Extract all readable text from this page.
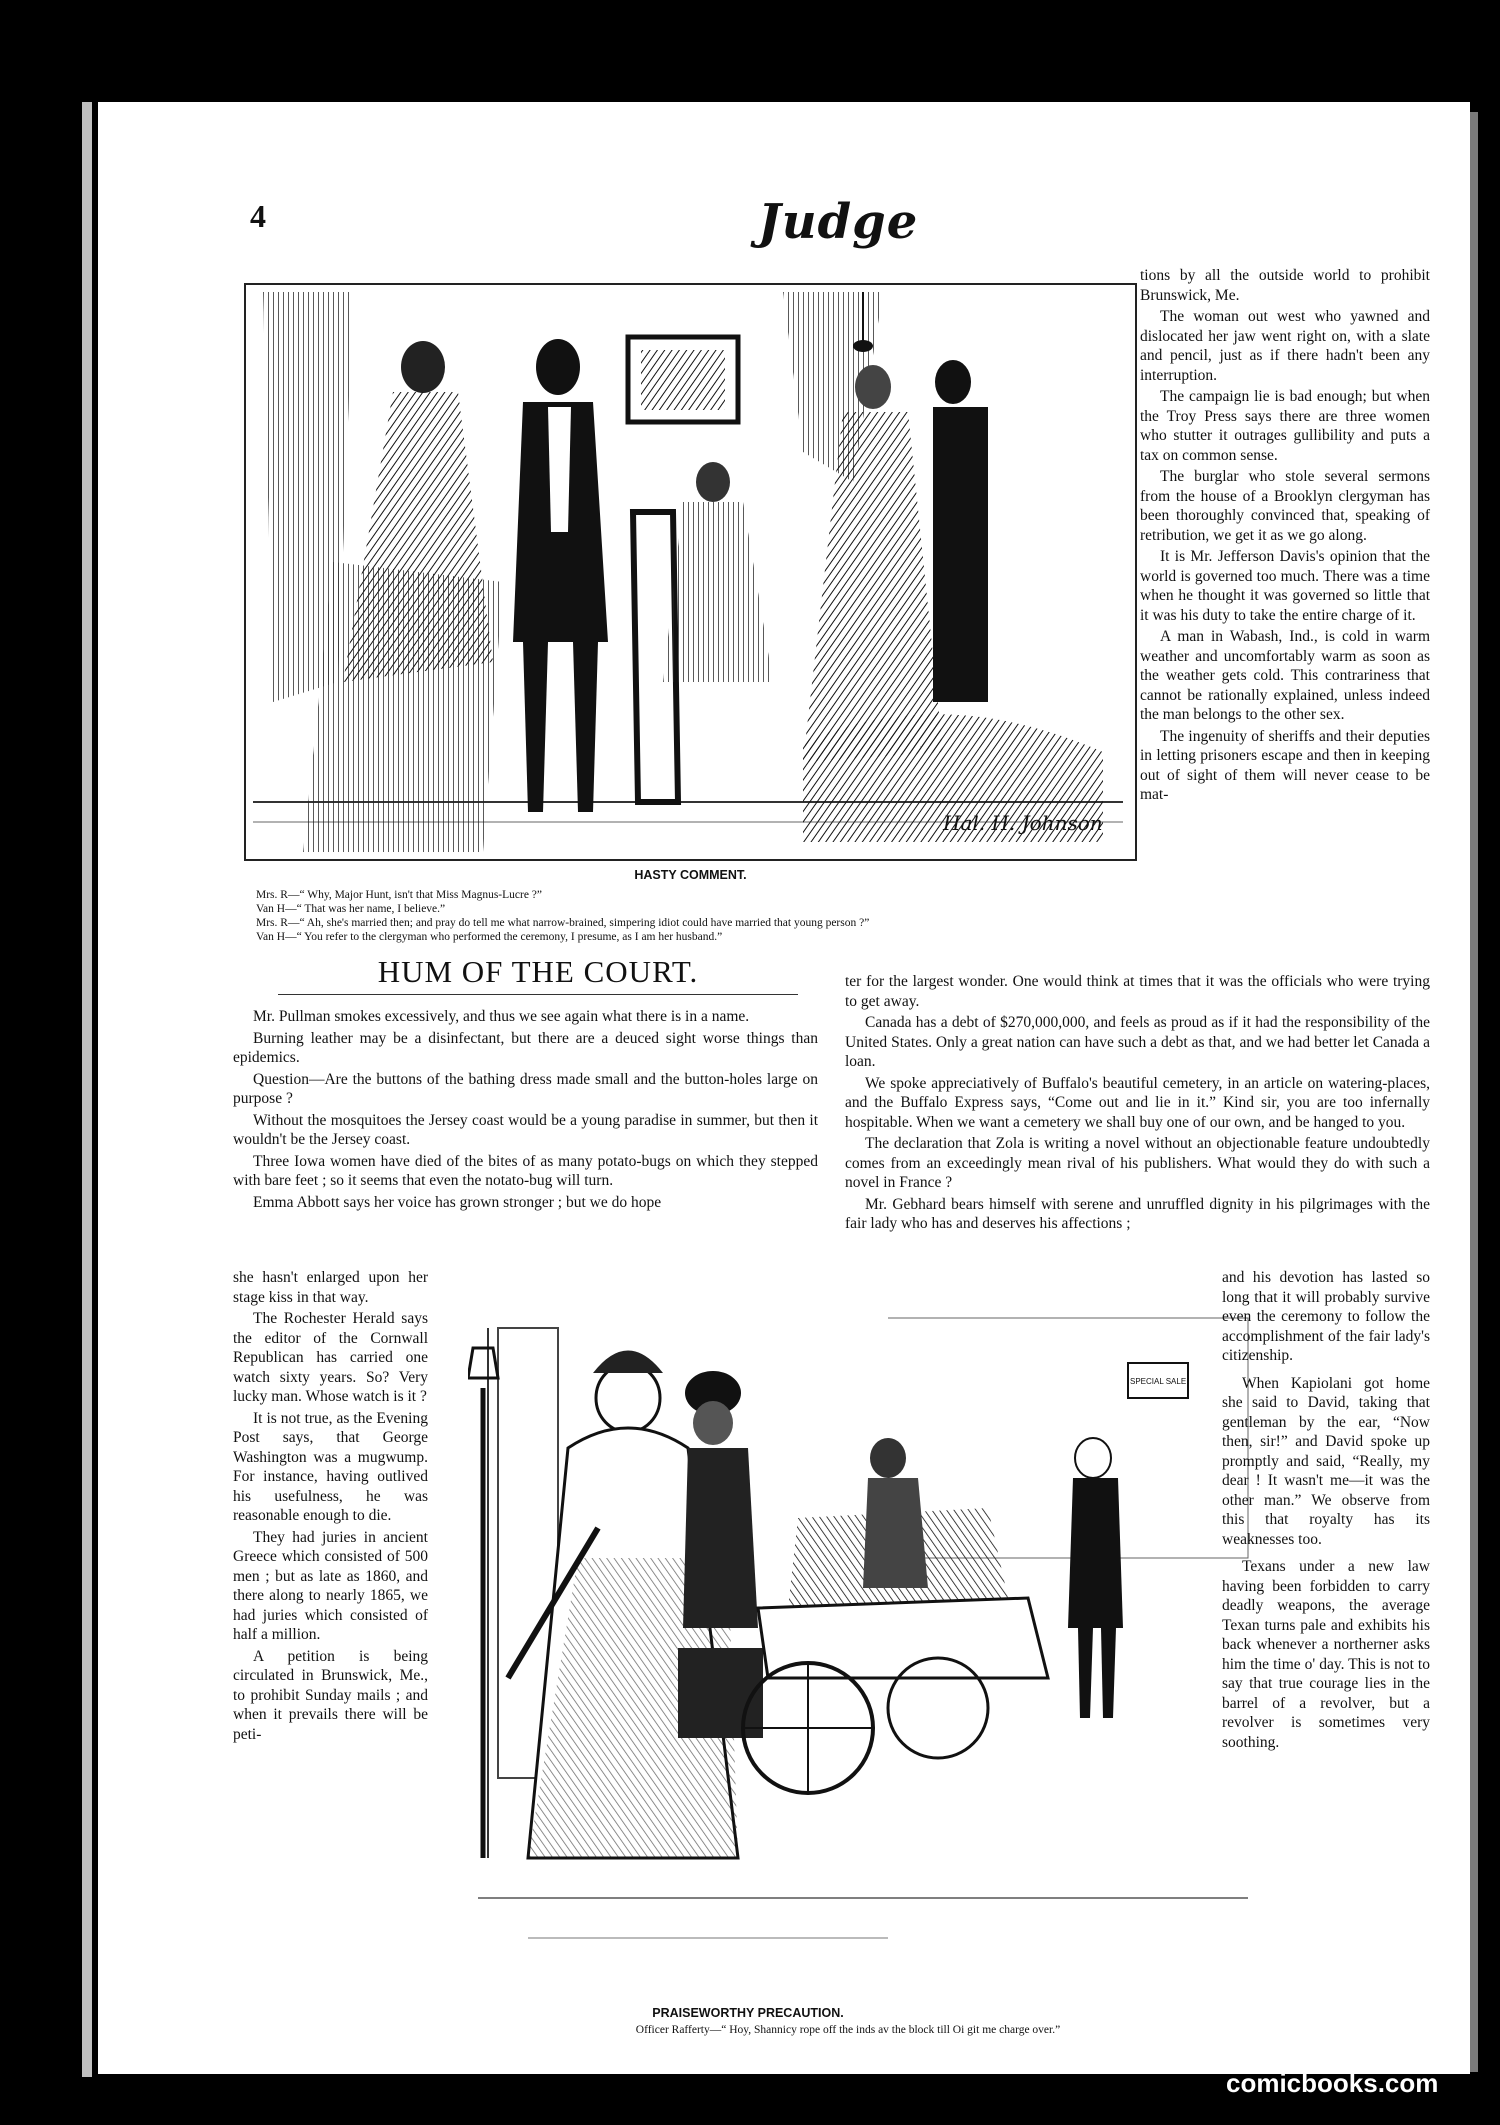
4	Judge
Hal. H. Johnson
HASTY COMMENT.
Mrs. R—“ Why, Major Hunt, isn't that Miss Magnus-Lucre ?”
Van H—“ That was her name, I believe.”
Mrs. R—“ Ah, she's married then; and pray do tell me what narrow-brained, simpering idiot could have married that young person ?”
Van H—“ You refer to the clergyman who performed the ceremony, I presume, as I am her husband.”

tions by all the outside world to prohibit Brunswick, Me.

The woman out west who yawned and dislocated her jaw went right on, with a slate and pencil, just as if there hadn't been any interruption.

The campaign lie is bad enough; but when the Troy Press says there are three women who stutter it outrages gullibility and puts a tax on common sense.

The burglar who stole several sermons from the house of a Brooklyn clergyman has been thoroughly convinced that, speaking of retribution, we get it as we go along.

It is Mr. Jefferson Davis's opinion that the world is governed too much. There was a time when he thought it was governed so little that it was his duty to take the entire charge of it.

A man in Wabash, Ind., is cold in warm weather and uncomfortably warm as soon as the weather gets cold. This contrariness that cannot be rationally explained, unless indeed the man belongs to the other sex.

The ingenuity of sheriffs and their deputies in letting prisoners escape and then in keeping out of sight of them will never cease to be mat-

HUM OF THE COURT.

Mr. Pullman smokes excessively, and thus we see again what there is in a name.

Burning leather may be a disinfectant, but there are a deuced sight worse things than epidemics.

Question—Are the buttons of the bathing dress made small and the button-holes large on purpose ?

Without the mosquitoes the Jersey coast would be a young paradise in summer, but then it wouldn't be the Jersey coast.

Three Iowa women have died of the bites of as many potato-bugs on which they stepped with bare feet ; so it seems that even the notato-bug will turn.

Emma Abbott says her voice has grown stronger ; but we do hope

ter for the largest wonder. One would think at times that it was the officials who were trying to get away.

Canada has a debt of $270,000,000, and feels as proud as if it had the responsibility of the United States. Only a great nation can have such a debt as that, and we had better let Canada a loan.

We spoke appreciatively of Buffalo's beautiful cemetery, in an article on watering-places, and the Buffalo Express says, “Come out and lie in it.” Kind sir, you are too infernally hospitable. When we want a cemetery we shall buy one of our own, and be hanged to you.

The declaration that Zola is writing a novel without an objectionable feature undoubtedly comes from an exceedingly mean rival of his publishers. What would they do with such a novel in France ?

Mr. Gebhard bears himself with serene and unruffled dignity in his pilgrimages with the fair lady who has and deserves his affections ;

she hasn't enlarged upon her stage kiss in that way.

The Rochester Herald says the editor of the Cornwall Republican has carried one watch sixty years. So? Very lucky man. Whose watch is it ?

It is not true, as the Evening Post says, that George Washington was a mugwump. For instance, having outlived his usefulness, he was reasonable enough to die.

They had juries in ancient Greece which consisted of 500 men ; but as late as 1860, and there along to nearly 1865, we had juries which consisted of half a million.

A petition is being circulated in Brunswick, Me., to prohibit Sunday mails ; and when it prevails there will be peti-

SPECIAL SALE
PRAISEWORTHY PRECAUTION.
Officer Rafferty—“ Hoy, Shannicy rope off the inds av the block till Oi git me charge over.”

and his devotion has lasted so long that it will probably survive even the ceremony to follow the accomplishment of the fair lady's citizenship.

When Kapiolani got home she said to David, taking that gentleman by the ear, “Now then, sir!” and David spoke up promptly and said, “Really, my dear ! It wasn't me—it was the other man.” We observe from this that royalty has its weaknesses too.

Texans under a new law having been forbidden to carry deadly weapons, the average Texan turns pale and exhibits his back whenever a northerner asks him the time o' day. This is not to say that true courage lies in the barrel of a revolver, but a revolver is sometimes very soothing.

comicbooks.com
